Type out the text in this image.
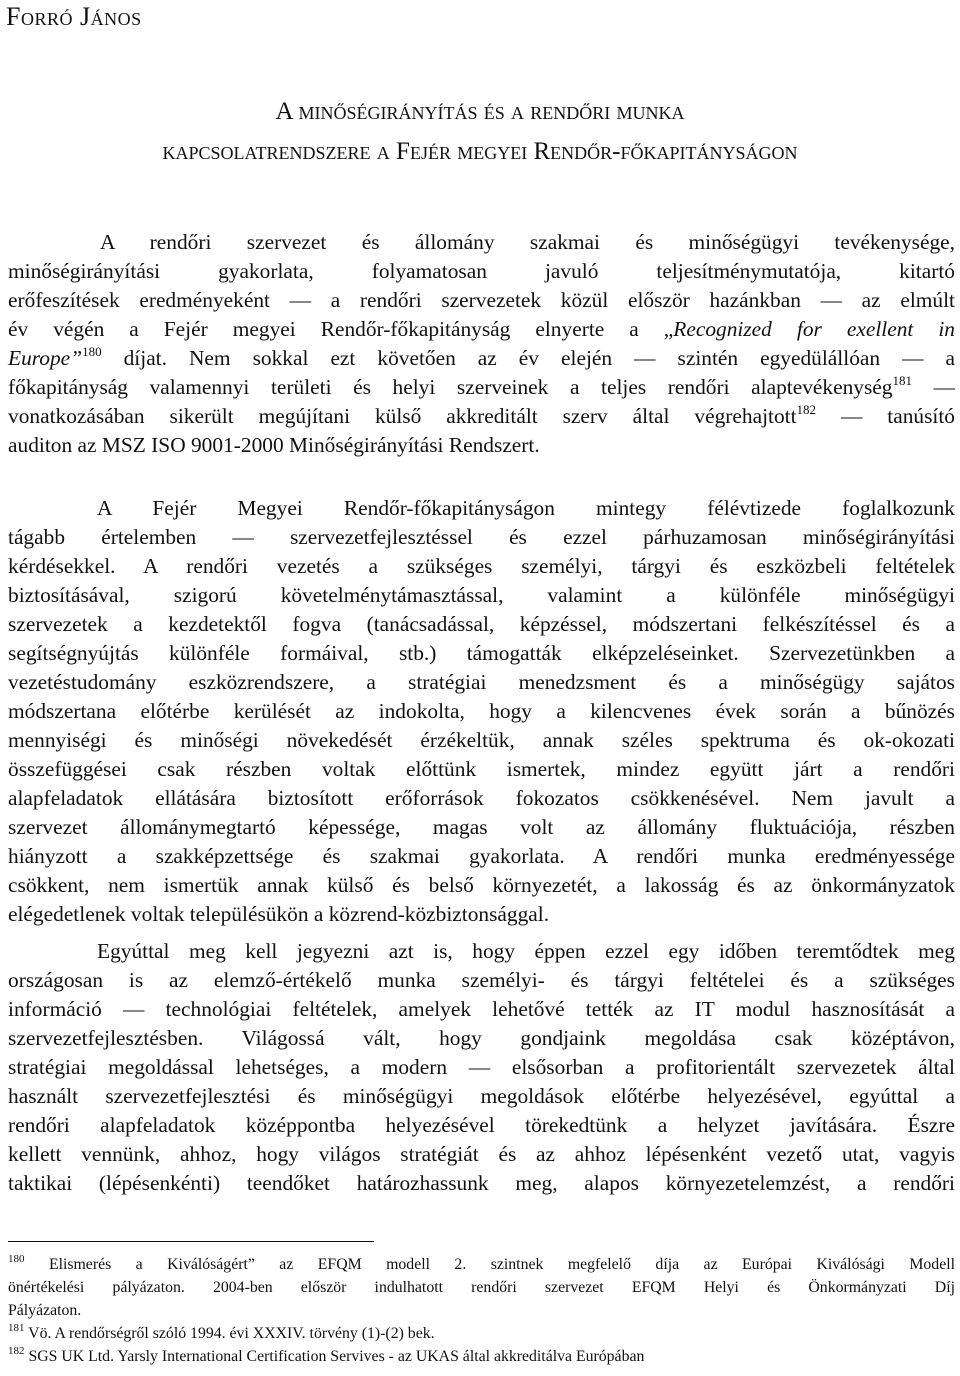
Forró János
A minőségirányítás és a rendőri munka
kapcsolatrendszere a Fejér megyei Rendőr-főkapitányságon
A rendőri szervezet és állomány szakmai és minőségügyi tevékenysége,
minőségirányítási gyakorlata, folyamatosan javuló teljesítménymutatója, kitartó
erőfeszítések eredményeként — a rendőri szervezetek közül először hazánkban — az elmúlt
év végén a Fejér megyei Rendőr-főkapitányság elnyerte a „Recognized for exellent in
Europe”$^{180}$ díjat. Nem sokkal ezt követően az év elején — szintén egyedülállóan — a
főkapitányság valamennyi területi és helyi szerveinek a teljes rendőri alaptevékenység$^{181}$ —
vonatkozásában sikerült megújítani külső akkreditált szerv által végrehajtott$^{182}$ — tanúsító
auditon az MSZ ISO 9001-2000 Minőségirányítási Rendszert.
A Fejér Megyei Rendőr-főkapitányságon mintegy félévtizede foglalkozunk
tágabb értelemben — szervezetfejlesztéssel és ezzel párhuzamosan minőségirányítási
kérdésekkel. A rendőri vezetés a szükséges személyi, tárgyi és eszközbeli feltételek
biztosításával, szigorú követelménytámasztással, valamint a különféle minőségügyi
szervezetek a kezdetektől fogva (tanácsadással, képzéssel, módszertani felkészítéssel és a
segítségnyújtás különféle formáival, stb.) támogatták elképzeléseinket. Szervezetünkben a
vezetéstudomány eszközrendszere, a stratégiai menedzsment és a minőségügy sajátos
módszertana előtérbe kerülését az indokolta, hogy a kilencvenes évek során a bűnözés
mennyiségi és minőségi növekedését érzékeltük, annak széles spektruma és ok-okozati
összefüggései csak részben voltak előttünk ismertek, mindez együtt járt a rendőri
alapfeladatok ellátására biztosított erőforrások fokozatos csökkenésével. Nem javult a
szervezet állománymegtartó képessége, magas volt az állomány fluktuációja, részben
hiányzott a szakképzettsége és szakmai gyakorlata. A rendőri munka eredményessége
csökkent, nem ismertük annak külső és belső környezetét, a lakosság és az önkormányzatok
elégedetlenek voltak településükön a közrend-közbiztonsággal.
Egyúttal meg kell jegyezni azt is, hogy éppen ezzel egy időben teremtődtek meg
országosan is az elemző-értékelő munka személyi- és tárgyi feltételei és a szükséges
információ — technológiai feltételek, amelyek lehetővé tették az IT modul hasznosítását a
szervezetfejlesztésben. Világossá vált, hogy gondjaink megoldása csak középtávon,
stratégiai megoldással lehetséges, a modern — elsősorban a profitorientált szervezetek által
használt szervezetfejlesztési és minőségügyi megoldások előtérbe helyezésével, egyúttal a
rendőri alapfeladatok középpontba helyezésével törekedtünk a helyzet javítására. Észre
kellett vennünk, ahhoz, hogy világos stratégiát és az ahhoz lépésenként vezető utat, vagyis
taktikai (lépésenkénti) teendőket határozhassunk meg, alapos környezetelemzést, a rendőri
$^{180}$ Elismerés a Kiválóságért” az EFQM modell 2. szintnek megfelelő díja az Európai Kiválósági Modell
önértékelési pályázaton. 2004-ben először indulhatott rendőri szervezet EFQM Helyi és Önkormányzati Díj
Pályázaton.
$^{181}$ Vö. A rendőrségről szóló 1994. évi XXXIV. törvény (1)-(2) bek.
$^{182}$ SGS UK Ltd. Yarsly International Certification Servives - az UKAS által akkreditálva Európában
